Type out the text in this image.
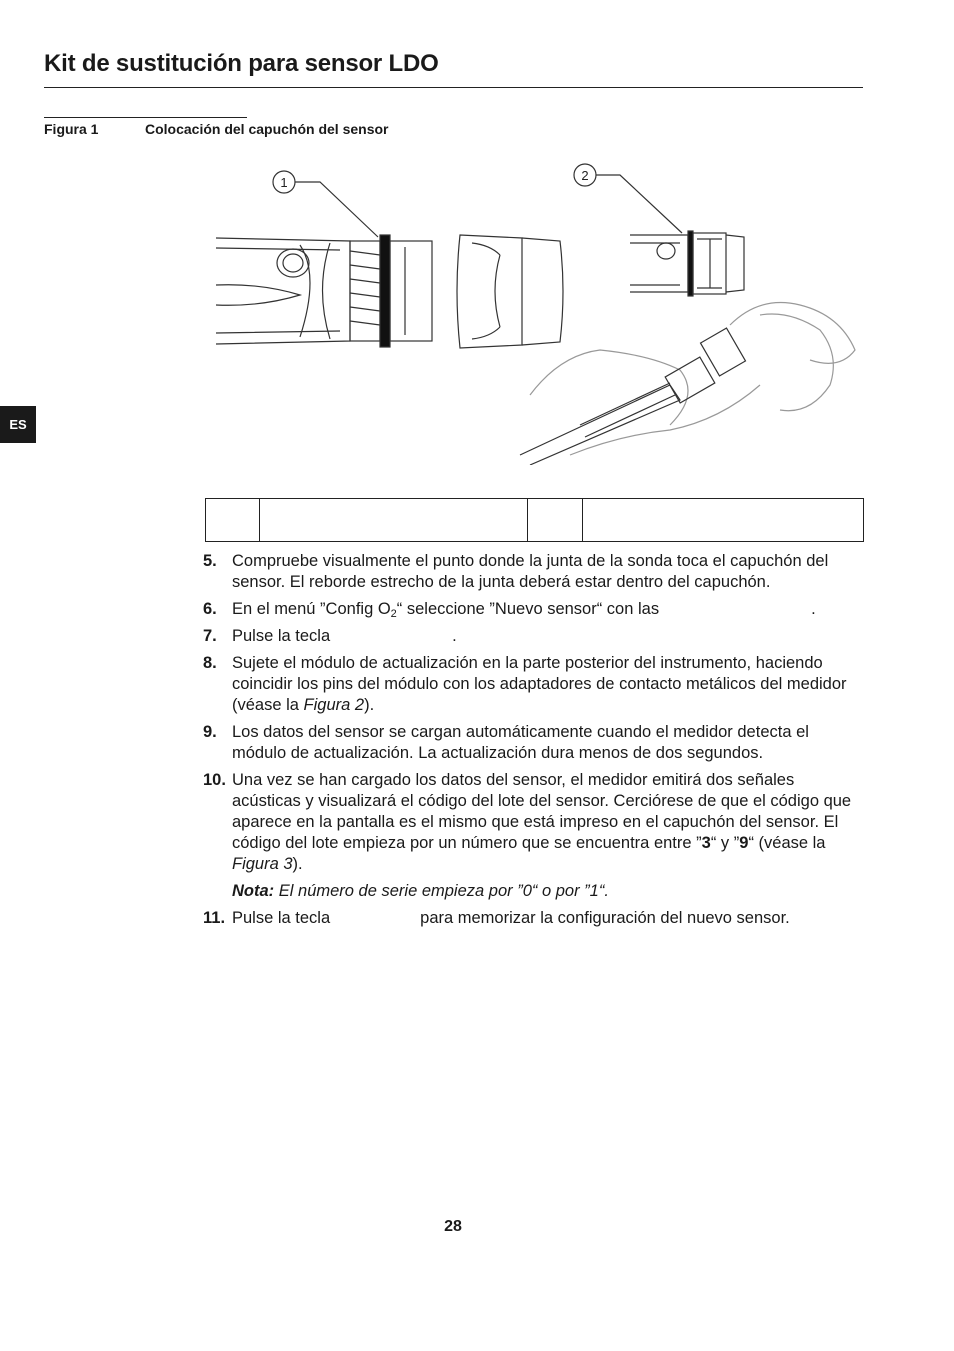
Kit de sustitución para sensor LDO
Figura 1	Colocación del capuchón del sensor
ES
1	2
5. Compruebe visualmente el punto donde la junta de la sonda toca el capuchón del sensor. El reborde estrecho de la junta deberá estar dentro del capuchón.
6. En el menú ”Config $O_2“$ seleccione ”Nuevo sensor“ con las	.
7. Pulse la tecla	.
8. Sujete el módulo de actualización en la parte posterior del instrumento, haciendo coincidir los pins del módulo con los adaptadores de contacto metálicos del medidor (véase la Figura 2).
9. Los datos del sensor se cargan automáticamente cuando el medidor detecta el módulo de actualización. La actualización dura menos de dos segundos.
10. Una vez se han cargado los datos del sensor, el medidor emitirá dos señales acústicas y visualizará el código del lote del sensor. Cerciórese de que el código que aparece en la pantalla es el mismo que está impreso en el capuchón del sensor. El código del lote empieza por un número que se encuentra entre ”3“ y ”9“ (véase la Figura 3).
Nota: El número de serie empieza por ”0“ o por ”1“.
11. Pulse la tecla	para memorizar la configuración del nuevo sensor.
28
